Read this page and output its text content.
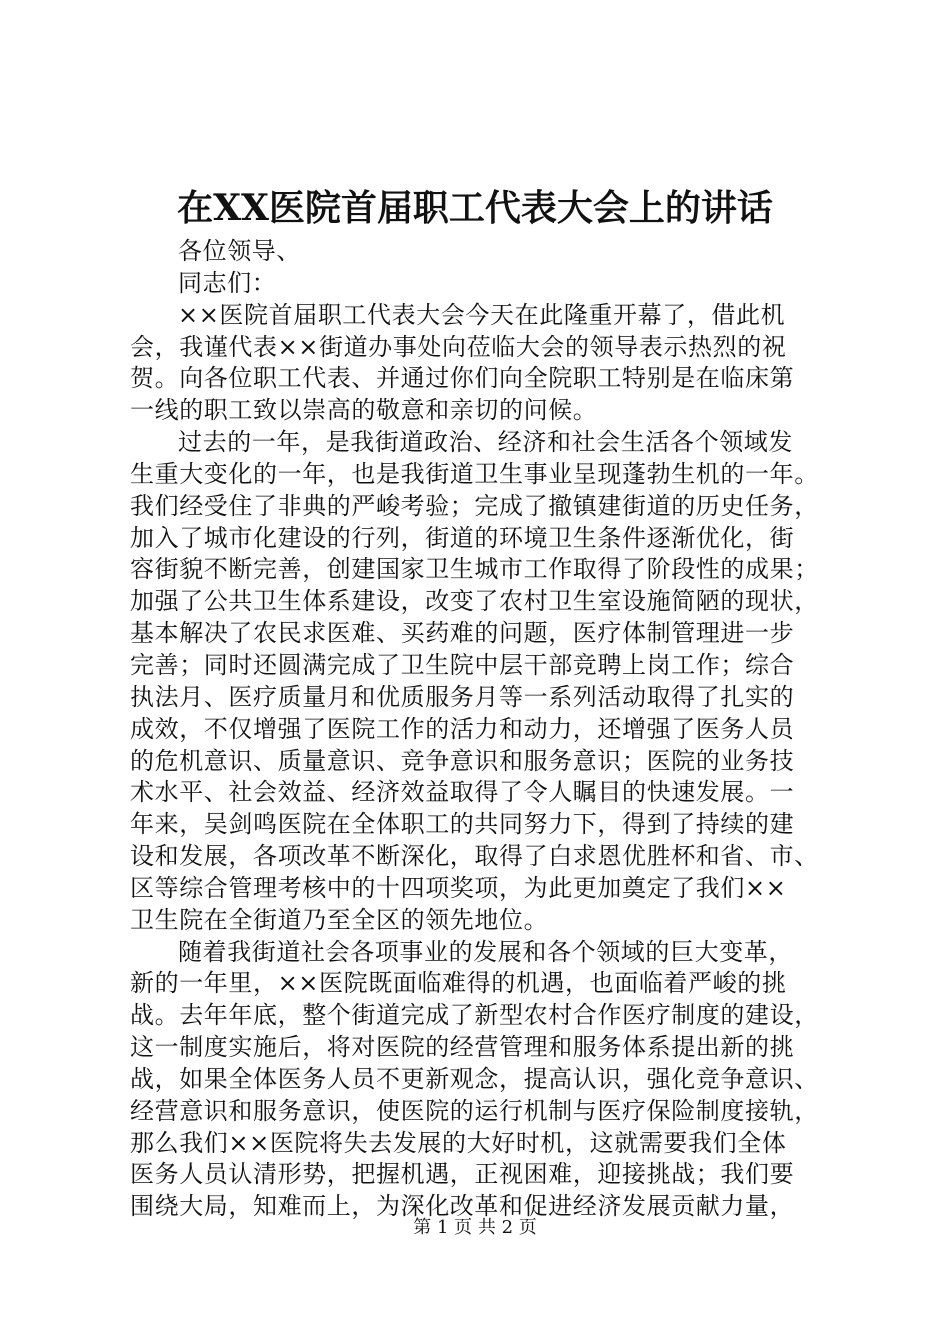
在XX医院首届职工代表大会上的讲话
各位领导、
同志们：
××医院首届职工代表大会今天在此隆重开幕了，借此机
会，我谨代表××街道办事处向莅临大会的领导表示热烈的祝
贺。向各位职工代表、并通过你们向全院职工特别是在临床第
一线的职工致以崇高的敬意和亲切的问候。
过去的一年，是我街道政治、经济和社会生活各个领域发
生重大变化的一年，也是我街道卫生事业呈现蓬勃生机的一年。
我们经受住了非典的严峻考验；完成了撤镇建街道的历史任务，
加入了城市化建设的行列，街道的环境卫生条件逐渐优化，街
容街貌不断完善，创建国家卫生城市工作取得了阶段性的成果；
加强了公共卫生体系建设，改变了农村卫生室设施简陋的现状，
基本解决了农民求医难、买药难的问题，医疗体制管理进一步
完善；同时还圆满完成了卫生院中层干部竞聘上岗工作；综合
执法月、医疗质量月和优质服务月等一系列活动取得了扎实的
成效，不仅增强了医院工作的活力和动力，还增强了医务人员
的危机意识、质量意识、竞争意识和服务意识；医院的业务技
术水平、社会效益、经济效益取得了令人瞩目的快速发展。一
年来，吴剑鸣医院在全体职工的共同努力下，得到了持续的建
设和发展，各项改革不断深化，取得了白求恩优胜杯和省、市、
区等综合管理考核中的十四项奖项，为此更加奠定了我们××
卫生院在全街道乃至全区的领先地位。
随着我街道社会各项事业的发展和各个领域的巨大变革，
新的一年里，××医院既面临难得的机遇，也面临着严峻的挑
战。去年年底，整个街道完成了新型农村合作医疗制度的建设，
这一制度实施后，将对医院的经营管理和服务体系提出新的挑
战，如果全体医务人员不更新观念，提高认识，强化竞争意识、
经营意识和服务意识，使医院的运行机制与医疗保险制度接轨，
那么我们××医院将失去发展的大好时机，这就需要我们全体
医务人员认清形势，把握机遇，正视困难，迎接挑战；我们要
围绕大局，知难而上，为深化改革和促进经济发展贡献力量，
第 1 页 共 2 页
